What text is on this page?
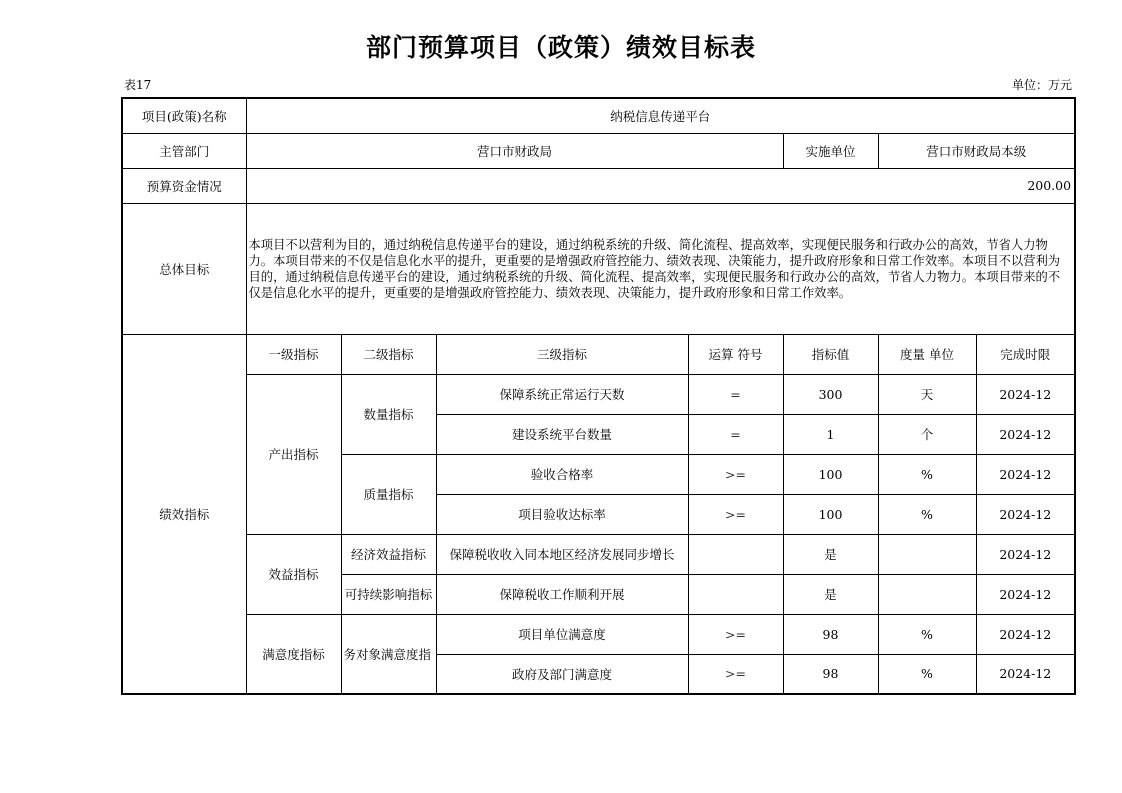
部门预算项目（政策）绩效目标表
表17	单位：万元
项目(政策)名称	纳税信息传递平台						
主管部门	营口市财政局				实施单位	营口市财政局本级	
预算资金情况	200.00						
总体目标	本项目不以营利为目的，通过纳税信息传递平台的建设，通过纳税系统的升级、简化流程、提高效率，实现便民服务和行政办公的高效，节省人力物力。本项目带来的不仅是信息化水平的提升，更重要的是增强政府管控能力、绩效表现、决策能力，提升政府形象和日常工作效率。本项目不以营利为目的，通过纳税信息传递平台的建设，通过纳税系统的升级、简化流程、提高效率，实现便民服务和行政办公的高效，节省人力物力。本项目带来的不仅是信息化水平的提升，更重要的是增强政府管控能力、绩效表现、决策能力，提升政府形象和日常工作效率。						
绩效指标	一级指标	二级指标	三级指标	运算 符号	指标值	度量 单位	完成时限
	产出指标	数量指标	保障系统正常运行天数	=	300	天	2024-12
			建设系统平台数量	=	1	个	2024-12
		质量指标	验收合格率	>=	100	%	2024-12
			项目验收达标率	>=	100	%	2024-12
	效益指标	经济效益指标	保障税收收入同本地区经济发展同步增长		是		2024-12
		可持续影响指标	保障税收工作顺利开展		是		2024-12
	满意度指标	务对象满意度指	项目单位满意度	>=	98	%	2024-12
			政府及部门满意度	>=	98	%	2024-12
